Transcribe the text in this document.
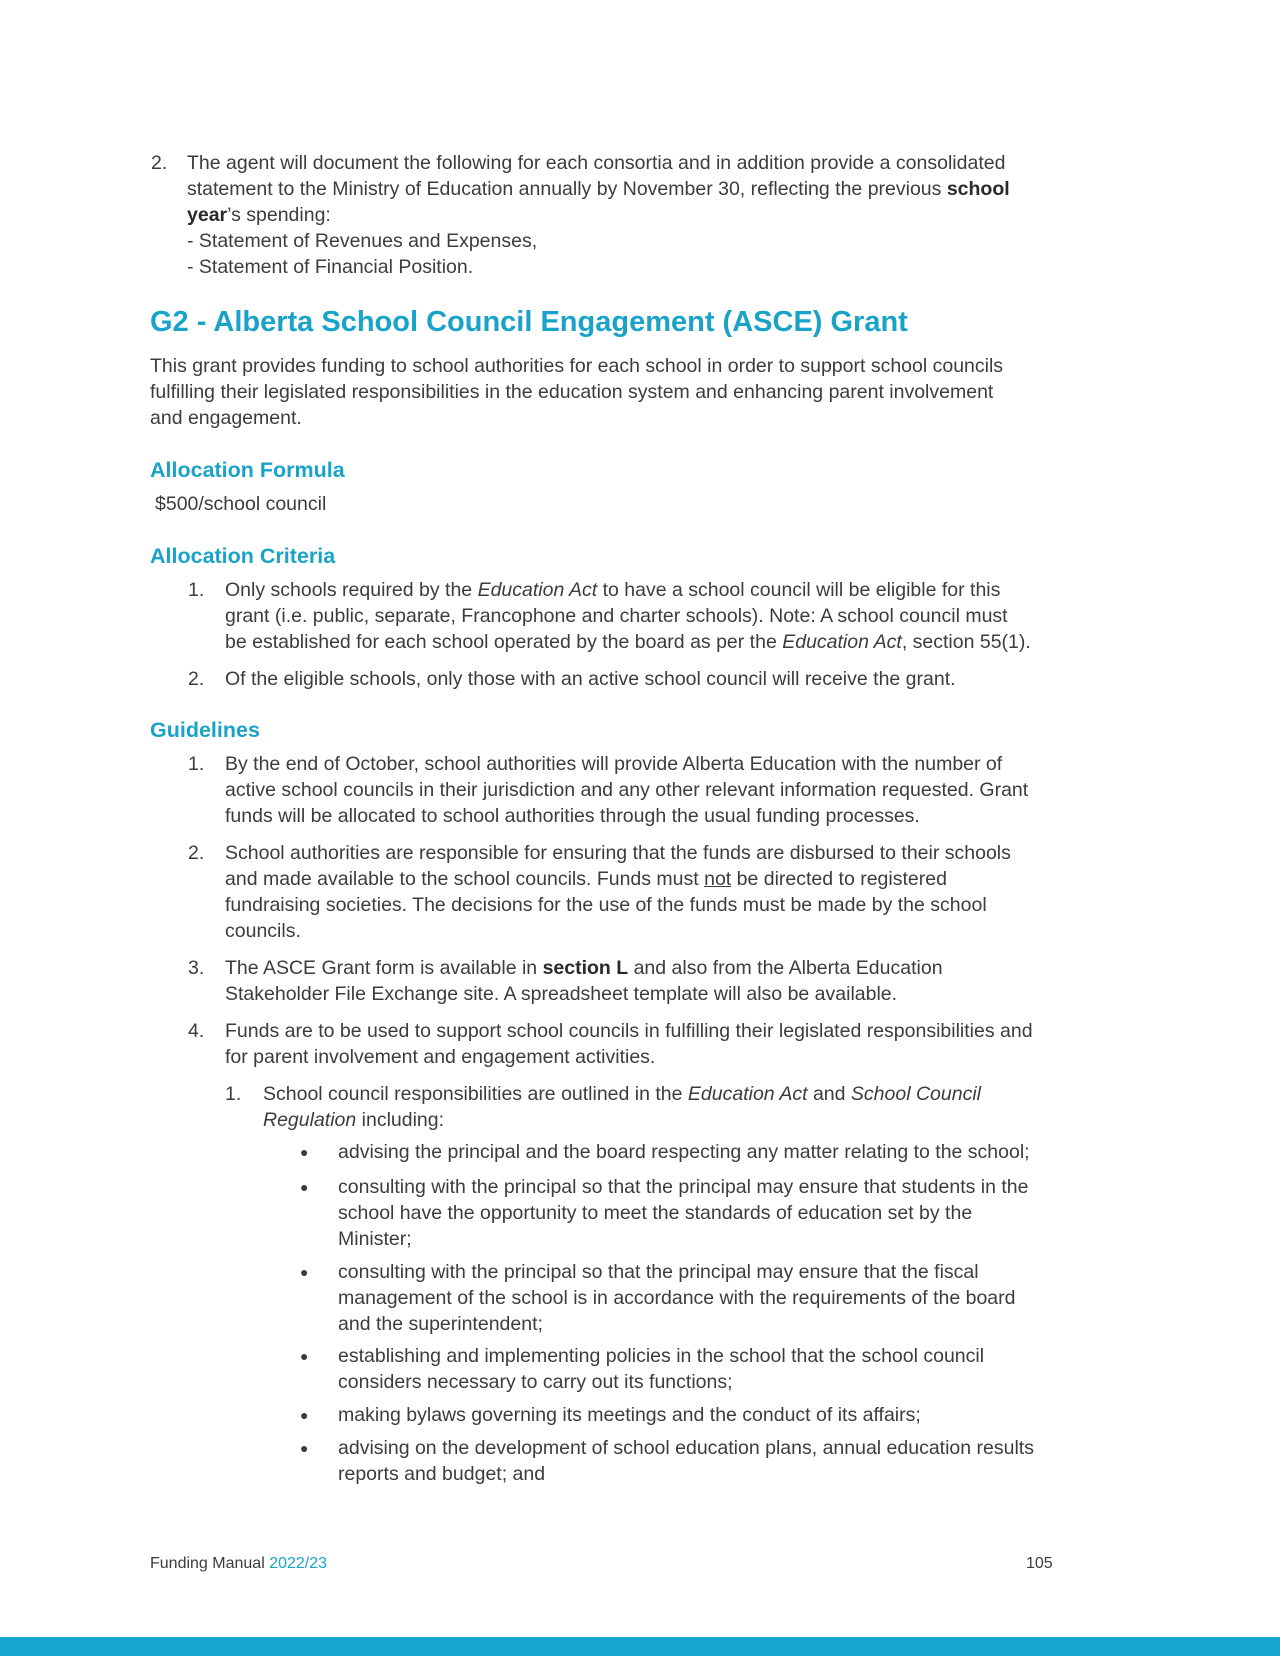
2.	The agent will document the following for each consortia and in addition provide a consolidated
statement to the Ministry of Education annually by November 30, reflecting the previous school
year’s spending:
- Statement of Revenues and Expenses,
- Statement of Financial Position.
G2 - Alberta School Council Engagement (ASCE) Grant
This grant provides funding to school authorities for each school in order to support school councils
fulfilling their legislated responsibilities in the education system and enhancing parent involvement
and engagement.
Allocation Formula
$500/school council
Allocation Criteria
1.	Only schools required by the Education Act to have a school council will be eligible for this
grant (i.e. public, separate, Francophone and charter schools). Note: A school council must
be established for each school operated by the board as per the Education Act, section 55(1).
2.	Of the eligible schools, only those with an active school council will receive the grant.
Guidelines
1.	By the end of October, school authorities will provide Alberta Education with the number of
active school councils in their jurisdiction and any other relevant information requested. Grant
funds will be allocated to school authorities through the usual funding processes.
2.	School authorities are responsible for ensuring that the funds are disbursed to their schools
and made available to the school councils. Funds must not be directed to registered
fundraising societies. The decisions for the use of the funds must be made by the school
councils.
3.	The ASCE Grant form is available in section L and also from the Alberta Education
Stakeholder File Exchange site. A spreadsheet template will also be available.
4.	Funds are to be used to support school councils in fulfilling their legislated responsibilities and
for parent involvement and engagement activities.
1.	School council responsibilities are outlined in the Education Act and School Council
Regulation including:
● advising the principal and the board respecting any matter relating to the school;
● consulting with the principal so that the principal may ensure that students in the
school have the opportunity to meet the standards of education set by the
Minister;
● consulting with the principal so that the principal may ensure that the fiscal
management of the school is in accordance with the requirements of the board
and the superintendent;
● establishing and implementing policies in the school that the school council
considers necessary to carry out its functions;
● making bylaws governing its meetings and the conduct of its affairs;
● advising on the development of school education plans, annual education results
reports and budget; and
Funding Manual 2022/23	105
